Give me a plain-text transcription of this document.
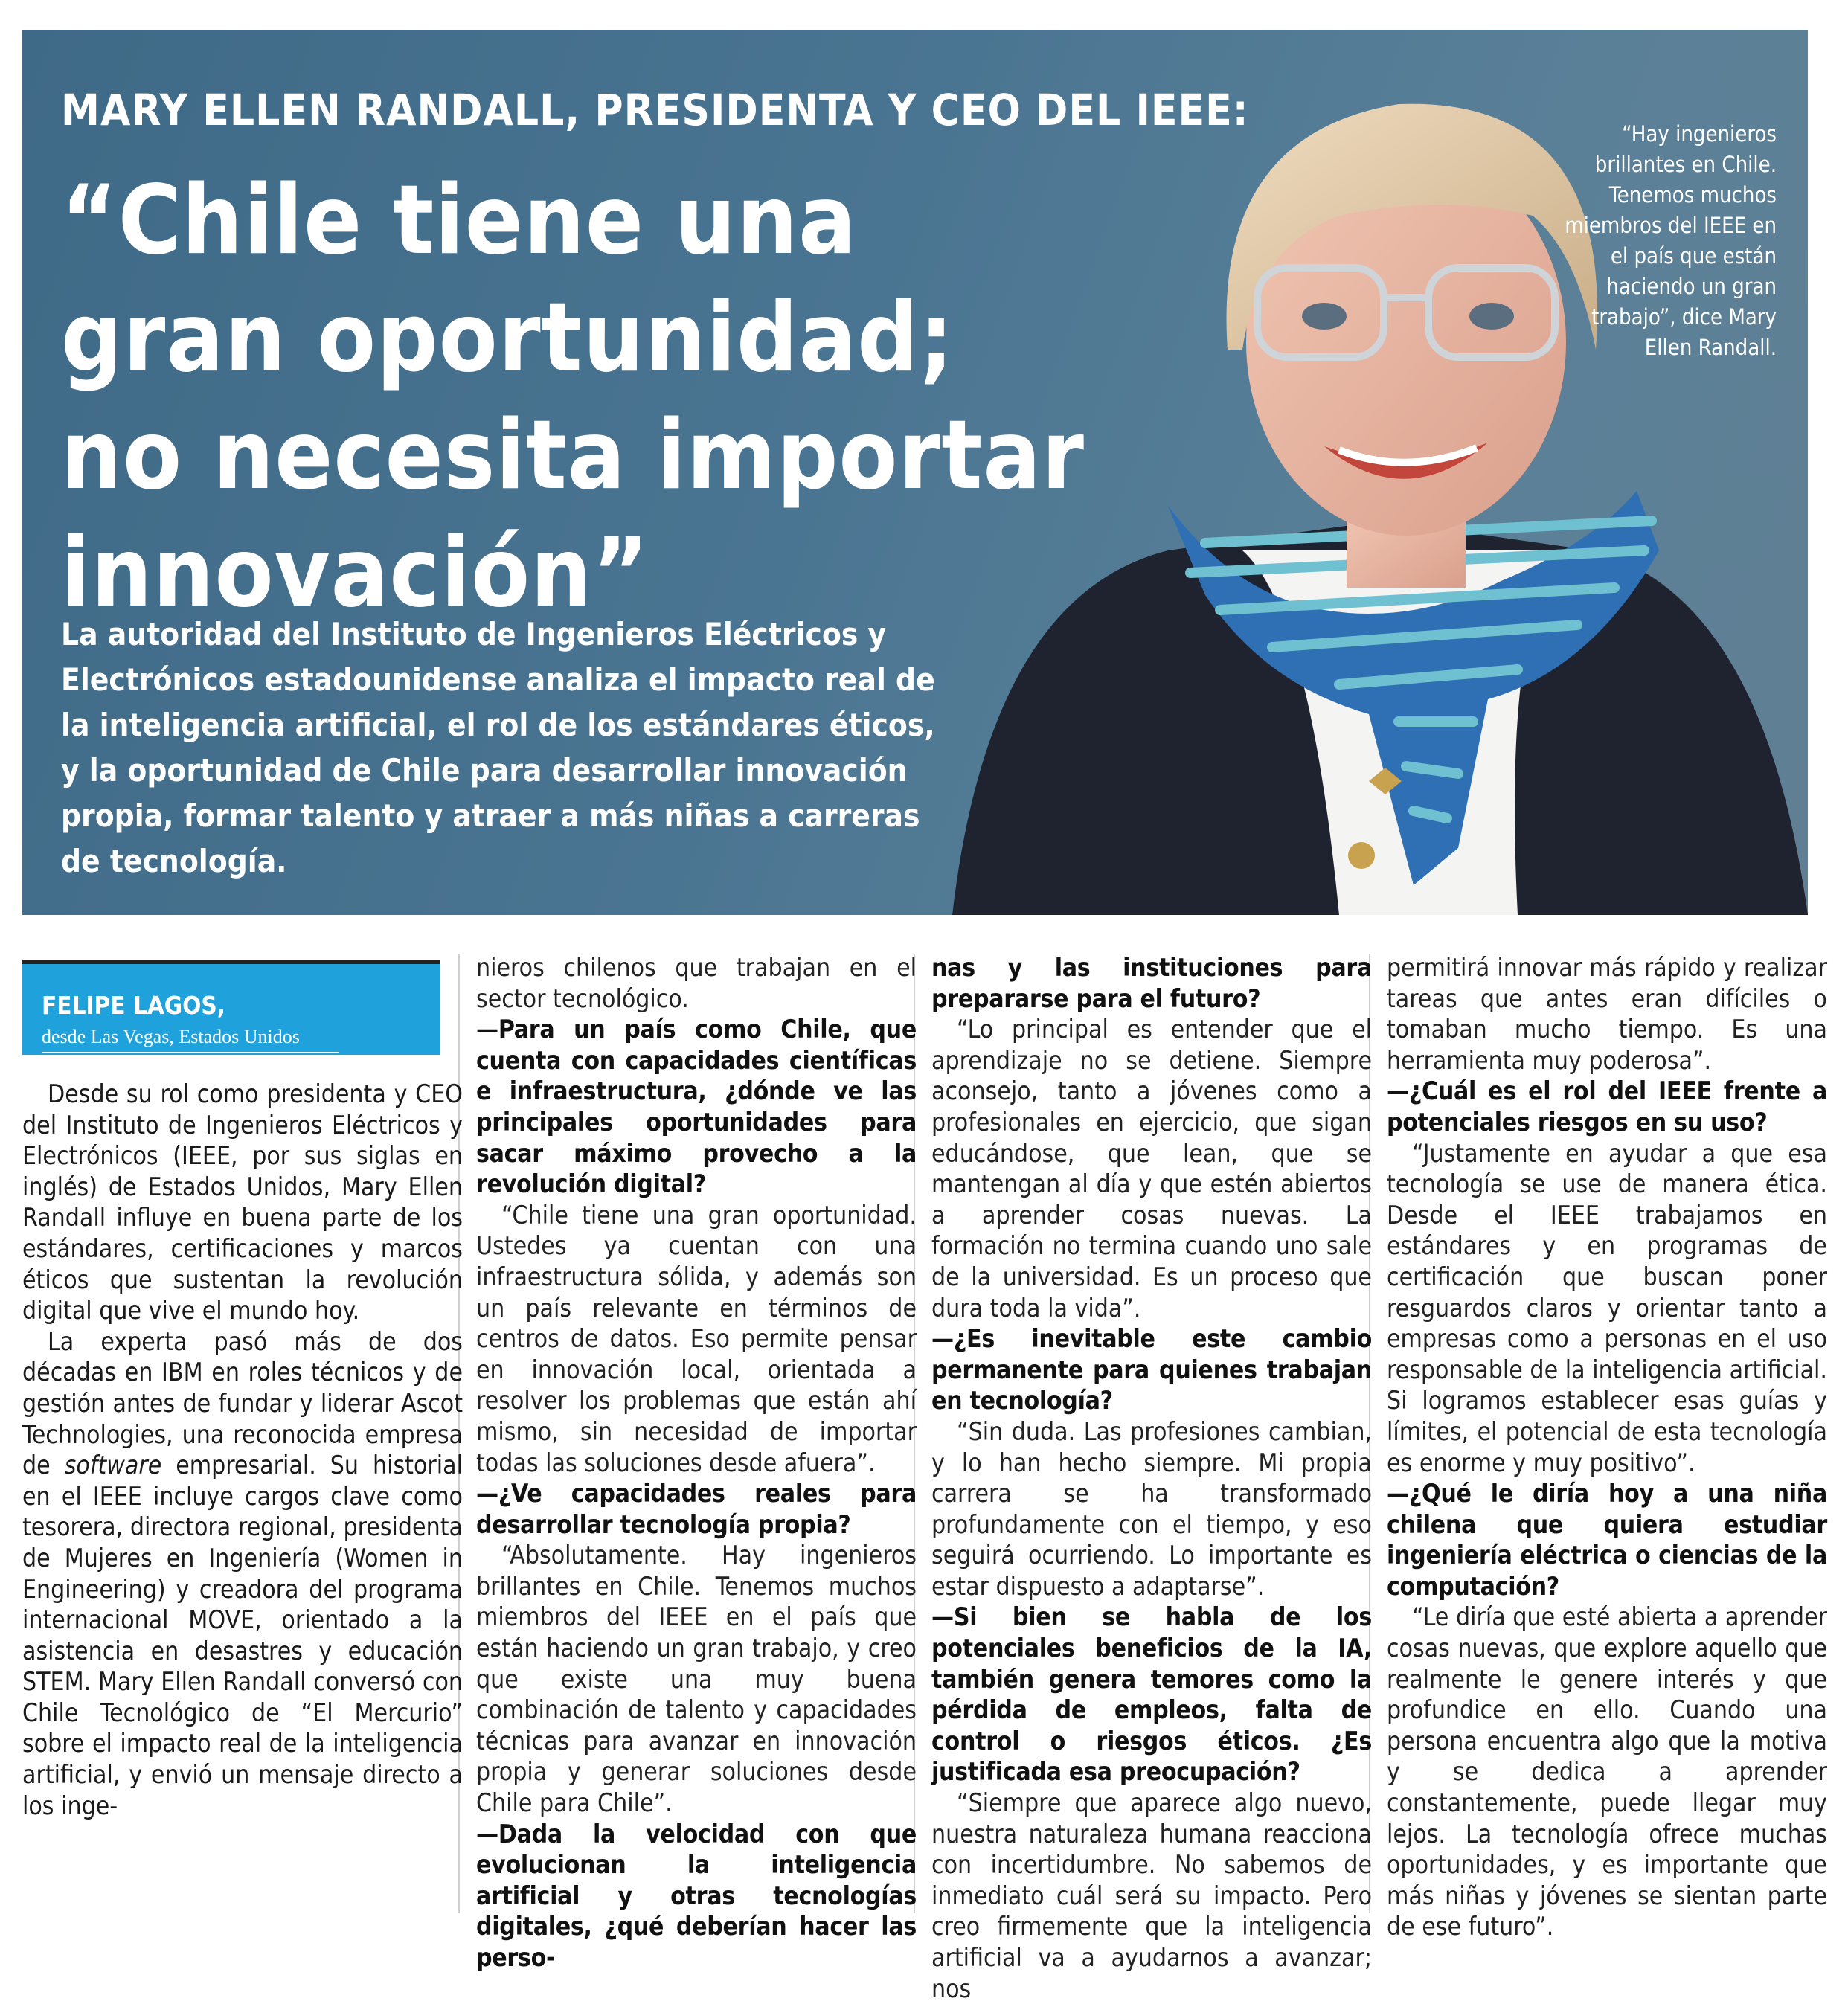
MARY ELLEN RANDALL, PRESIDENTA Y CEO DEL IEEE:
“Chile tiene una gran oportunidad; no necesita importar innovación”

La autoridad del Instituto de Ingenieros Eléctricos y Electrónicos estadounidense analiza el impacto real de la inteligencia artificial, el rol de los estándares éticos, y la oportunidad de Chile para desarrollar innovación propia, formar talento y atraer a más niñas a carreras de tecnología.

“Hay ingenieros brillantes en Chile. Tenemos muchos miembros del IEEE en el país que están haciendo un gran trabajo”, dice Mary Ellen Randall.

FELIPE LAGOS,

desde Las Vegas, Estados Unidos

Desde su rol como presidenta y CEO del Instituto de Ingenieros Eléctricos y Electrónicos (IEEE, por sus siglas en inglés) de Estados Unidos, Mary Ellen Randall influye en buena parte de los estándares, certificaciones y marcos éticos que sustentan la revolución digital que vive el mundo hoy.

La experta pasó más de dos décadas en IBM en roles técnicos y de gestión antes de fundar y liderar Ascot Technologies, una reconocida empresa de software empresarial. Su historial en el IEEE incluye cargos clave como tesorera, directora regional, presidenta de Mujeres en Ingeniería (Women in Engineering) y creadora del programa internacional MOVE, orientado a la asistencia en desastres y educación STEM. Mary Ellen Randall conversó con Chile Tecnológico de “El Mercurio” sobre el impacto real de la inteligencia artificial, y envió un mensaje directo a los inge-

nieros chilenos que trabajan en el sector tecnológico.

—Para un país como Chile, que cuenta con capacidades científicas e infraestructura, ¿dónde ve las principales oportunidades para sacar máximo provecho a la revolución digital?

“Chile tiene una gran oportunidad. Ustedes ya cuentan con una infraestructura sólida, y además son un país relevante en términos de centros de datos. Eso permite pensar en innovación local, orientada a resolver los problemas que están ahí mismo, sin necesidad de importar todas las soluciones desde afuera”.

—¿Ve capacidades reales para desarrollar tecnología propia?

“Absolutamente. Hay ingenieros brillantes en Chile. Tenemos muchos miembros del IEEE en el país que están haciendo un gran trabajo, y creo que existe una muy buena combinación de talento y capacidades técnicas para avanzar en innovación propia y generar soluciones desde Chile para Chile”.

—Dada la velocidad con que evolucionan la inteligencia artificial y otras tecnologías digitales, ¿qué deberían hacer las perso-

nas y las instituciones para prepararse para el futuro?

“Lo principal es entender que el aprendizaje no se detiene. Siempre aconsejo, tanto a jóvenes como a profesionales en ejercicio, que sigan educándose, que lean, que se mantengan al día y que estén abiertos a aprender cosas nuevas. La formación no termina cuando uno sale de la universidad. Es un proceso que dura toda la vida”.

—¿Es inevitable este cambio permanente para quienes trabajan en tecnología?

“Sin duda. Las profesiones cambian, y lo han hecho siempre. Mi propia carrera se ha transformado profundamente con el tiempo, y eso seguirá ocurriendo. Lo importante es estar dispuesto a adaptarse”.

—Si bien se habla de los potenciales beneficios de la IA, también genera temores como la pérdida de empleos, falta de control o riesgos éticos. ¿Es justificada esa preocupación?

“Siempre que aparece algo nuevo, nuestra naturaleza humana reacciona con incertidumbre. No sabemos de inmediato cuál será su impacto. Pero creo firmemente que la inteligencia artificial va a ayudarnos a avanzar; nos

permitirá innovar más rápido y realizar tareas que antes eran difíciles o tomaban mucho tiempo. Es una herramienta muy poderosa”.

—¿Cuál es el rol del IEEE frente a potenciales riesgos en su uso?

“Justamente en ayudar a que esa tecnología se use de manera ética. Desde el IEEE trabajamos en estándares y en programas de certificación que buscan poner resguardos claros y orientar tanto a empresas como a personas en el uso responsable de la inteligencia artificial. Si logramos establecer esas guías y límites, el potencial de esta tecnología es enorme y muy positivo”.

—¿Qué le diría hoy a una niña chilena que quiera estudiar ingeniería eléctrica o ciencias de la computación?

“Le diría que esté abierta a aprender cosas nuevas, que explore aquello que realmente le genere interés y que profundice en ello. Cuando una persona encuentra algo que la motiva y se dedica a aprender constantemente, puede llegar muy lejos. La tecnología ofrece muchas oportunidades, y es importante que más niñas y jóvenes se sientan parte de ese futuro”.
